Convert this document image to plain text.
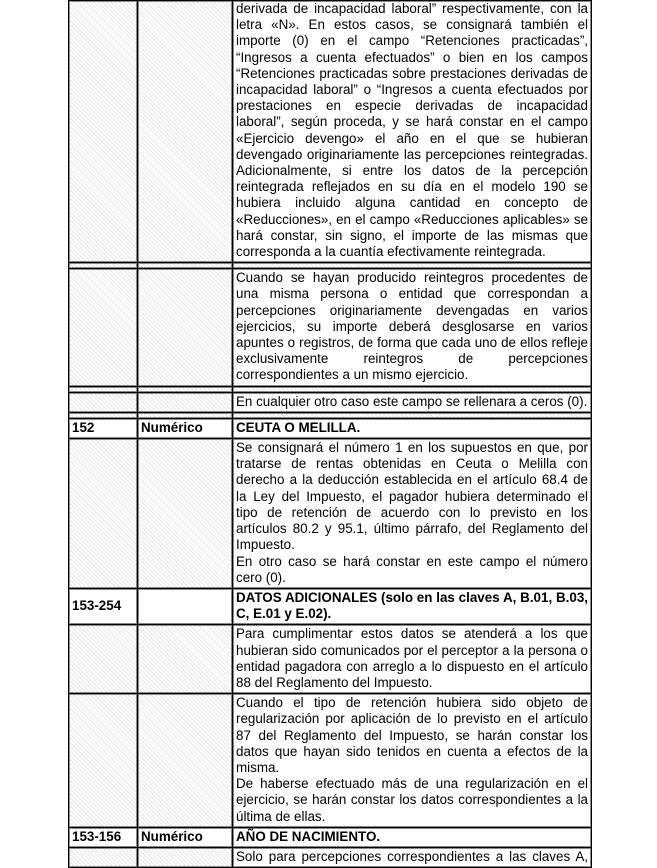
		derivada de incapacidad laboral” respectivamente, con la letra «N». En estos casos, se consignará también el importe (0) en el campo “Retenciones practicadas”, “Ingresos a cuenta efectuados” o bien en los campos “Retenciones practicadas sobre prestaciones derivadas de incapacidad laboral” o “Ingresos a cuenta efectuados por prestaciones en especie derivadas de incapacidad laboral”, según proceda, y se hará constar en el campo «Ejercicio devengo» el año en el que se hubieran devengado originariamente las percepciones reintegradas. Adicionalmente, si entre los datos de la percepción reintegrada reflejados en su día en el modelo 190 se hubiera incluido alguna cantidad en concepto de «Reducciones», en el campo «Reducciones aplicables» se hará constar, sin signo, el importe de las mismas que corresponda a la cuantía efectivamente reintegrada.

		Cuando se hayan producido reintegros procedentes de una misma persona o entidad que correspondan a percepciones originariamente devengadas en varios ejercicios, su importe deberá desglosarse en varios apuntes o registros, de forma que cada uno de ellos refleje exclusivamente reintegros de percepciones correspondientes a un mismo ejercicio.

		En cualquier otro caso este campo se rellenara a ceros (0).

152	Numérico	CEUTA O MELILLA.

		Se consignará el número 1 en los supuestos en que, por tratarse de rentas obtenidas en Ceuta o Melilla con derecho a la deducción establecida en el artículo 68.4 de la Ley del Impuesto, el pagador hubiera determinado el tipo de retención de acuerdo con lo previsto en los artículos 80.2 y 95.1, último párrafo, del Reglamento del Impuesto.

En otro caso se hará constar en este campo el número cero (0).

153-254		DATOS ADICIONALES (solo en las claves A, B.01, B.03, C, E.01 y E.02).
		Para cumplimentar estos datos se atenderá a los que hubieran sido comunicados por el perceptor a la persona o entidad pagadora con arreglo a lo dispuesto en el artículo 88 del Reglamento del Impuesto.

		Cuando el tipo de retención hubiera sido objeto de regularización por aplicación de lo previsto en el artículo 87 del Reglamento del Impuesto, se harán constar los datos que hayan sido tenidos en cuenta a efectos de la misma.

De haberse efectuado más de una regularización en el ejercicio, se harán constar los datos correspondientes a la última de ellas.

153-156	Numérico	AÑO DE NACIMIENTO.
		Solo para percepciones correspondientes a las claves A,
